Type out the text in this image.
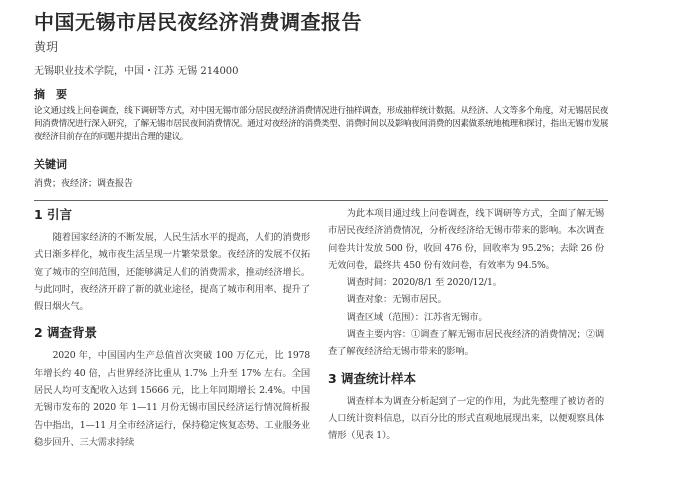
中国无锡市居民夜经济消费调查报告
黄玥
无锡职业技术学院，中国・江苏 无锡 214000
摘　要
论文通过线上问卷调查，线下调研等方式，对中国无锡市部分居民夜经济消费情况进行抽样调查，形成抽样统计数据。从经济、人文等多个角度，对无锡居民夜间消费情况进行深入研究，了解无锡市居民夜间消费情况。通过对夜经济的消费类型、消费时间以及影响夜间消费的因素做系统地梳理和探讨，指出无锡市发展夜经济目前存在的问题并提出合理的建议。
关键词
消费；夜经济；调查报告
1 引言

随着国家经济的不断发展，人民生活水平的提高，人们的消费形式日渐多样化，城市夜生活呈现一片繁荣景象。夜经济的发展不仅拓宽了城市的空间范围，还能够满足人们的消费需求，推动经济增长。与此同时，夜经济开辟了新的就业途径，提高了城市利用率、提升了假日烟火气。

2 调查背景

2020 年，中国国内生产总值首次突破 100 万亿元，比 1978 年增长约 40 倍，占世界经济比重从 1.7% 上升至 17% 左右。全国居民人均可支配收入达到 15666 元，比上年同期增长 2.4%。中国无锡市发布的 2020 年 1—11 月份无锡市国民经济运行情况简析报告中指出，1—11 月全市经济运行，保持稳定恢复态势、工业服务业稳步回升、三大需求持续

为此本项目通过线上问卷调查，线下调研等方式，全面了解无锡市居民夜经济消费情况，分析夜经济给无锡市带来的影响。本次调查问卷共计发放 500 份，收回 476 份，回收率为 95.2%；去除 26 份无效问卷，最终共 450 份有效问卷，有效率为 94.5%。

调查时间：2020/8/1 至 2020/12/1。

调查对象：无锡市居民。

调查区域（范围）：江苏省无锡市。

调查主要内容：①调查了解无锡市居民夜经济的消费情况；②调查了解夜经济给无锡市带来的影响。

3 调查统计样本

调查样本为调查分析起到了一定的作用，为此先整理了被访者的人口统计资料信息，以百分比的形式直观地展现出来，以便观察具体情形（见表 1）。
